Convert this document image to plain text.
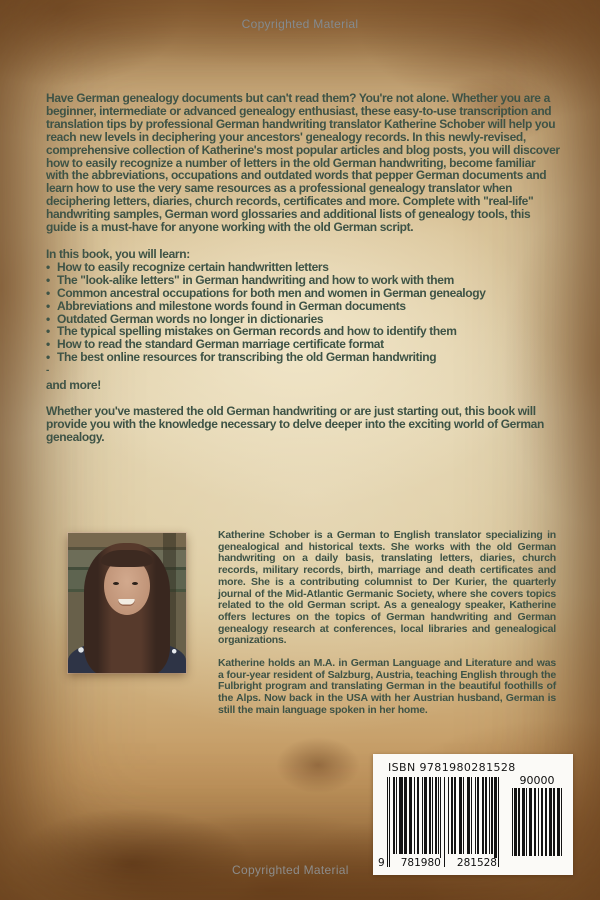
Copyrighted Material

Have German genealogy documents but can't read them? You're not alone. Whether you are a beginner, intermediate or advanced genealogy enthusiast, these easy-to-use transcription and translation tips by professional German handwriting translator Katherine Schober will help you reach new levels in deciphering your ancestors' genealogy records. In this newly-revised, comprehensive collection of Katherine's most popular articles and blog posts, you will discover how to easily recognize a number of letters in the old German handwriting, become familiar with the abbreviations, occupations and outdated words that pepper German documents and learn how to use the very same resources as a professional genealogy translator when deciphering letters, diaries, church records, certificates and more. Complete with "real-life" handwriting samples, German word glossaries and additional lists of genealogy tools, this guide is a must-have for anyone working with the old German script.

In this book, you will learn:

• How to easily recognize certain handwritten letters
• The "look-alike letters" in German handwriting and how to work with them
• Common ancestral occupations for both men and women in German genealogy
• Abbreviations and milestone words found in German documents
• Outdated German words no longer in dictionaries
• The typical spelling mistakes on German records and how to identify them
• How to read the standard German marriage certificate format
• The best online resources for transcribing the old German handwriting

-

and more!

Whether you've mastered the old German handwriting or are just starting out, this book will provide you with the knowledge necessary to delve deeper into the exciting world of German genealogy.

Katherine Schober is a German to English translator specializing in genealogical and historical texts. She works with the old German handwriting on a daily basis, translating letters, diaries, church records, military records, birth, marriage and death certificates and more. She is a contributing columnist to Der Kurier, the quarterly journal of the Mid-Atlantic Germanic Society, where she covers topics related to the old German script. As a genealogy speaker, Katherine offers lectures on the topics of German handwriting and German genealogy research at conferences, local libraries and genealogical organizations.

Katherine holds an M.A. in German Language and Literature and was a four-year resident of Salzburg, Austria, teaching English through the Fulbright program and translating German in the beautiful foothills of the Alps. Now back in the USA with her Austrian husband, German is still the main language spoken in her home.

ISBN 9781980281528
9 781980 281528
90000
Copyrighted Material
